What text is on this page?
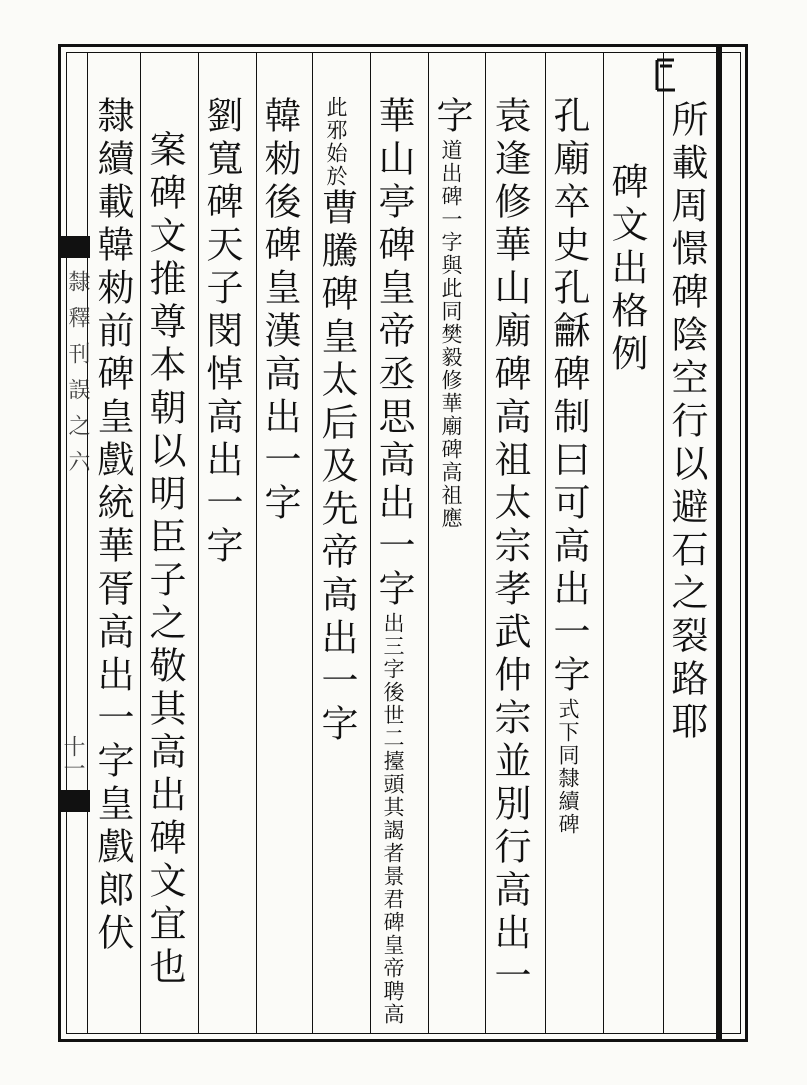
隸釋刊誤之六
十一
所載周憬碑陰空行以避石之裂路耶
碑文出格例
孔廟卒史孔龢碑制曰可高出一字
隸續碑
式下同
袁逢修華山廟碑高祖太宗孝武仲宗並別行高出一
字
樊毅修華廟碑高祖應
道出碑一字與此同
華山亭碑皇帝丞思高出一字
謁者景君碑皇帝聘高
出三字後世二擡頭其
始於
此邪
曹騰碑皇太后及先帝高出一字
韓勑後碑皇漢高出一字
劉寬碑天子閔悼高出一字
案碑文推尊本朝以明臣子之敬其高出碑文宜也
隸續載韓勑前碑皇戲統華胥高出一字皇戲郎伏
